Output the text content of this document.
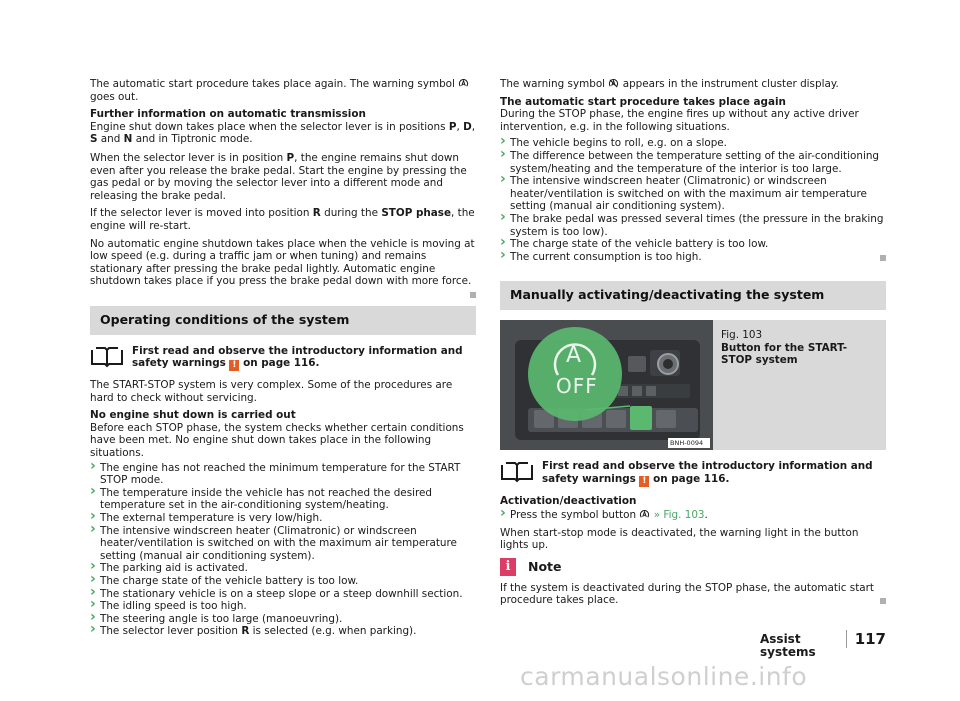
The automatic start procedure takes place again. The warning symbol  goes out.

Further information on automatic transmission
Engine shut down takes place when the selector lever is in positions P, D, S and N and in Tiptronic mode.

When the selector lever is in position P, the engine remains shut down even after you release the brake pedal. Start the engine by pressing the gas pedal or by moving the selector lever into a different mode and releasing the brake pedal.

If the selector lever is moved into position R during the STOP phase, the engine will re-start.

No automatic engine shutdown takes place when the vehicle is moving at low speed (e.g. during a traffic jam or when tuning) and remains stationary after pressing the brake pedal lightly. Automatic engine shutdown takes place if you press the brake pedal down with more force.

Operating conditions of the system
First read and observe the introductory information and safety warnings ! on page 116.

The START-STOP system is very complex. Some of the procedures are hard to check without servicing.

No engine shut down is carried out
Before each STOP phase, the system checks whether certain conditions have been met. No engine shut down takes place in the following situations.

› The engine has not reached the minimum temperature for the START STOP mode.
› The temperature inside the vehicle has not reached the desired temperature set in the air-conditioning system/heating.
› The external temperature is very low/high.
› The intensive windscreen heater (Climatronic) or windscreen heater/ventilation is switched on with the maximum air temperature setting (manual air conditioning system).
› The parking aid is activated.
› The charge state of the vehicle battery is too low.
› The stationary vehicle is on a steep slope or a steep downhill section.
› The idling speed is too high.
› The steering angle is too large (manoeuvring).
› The selector lever position R is selected (e.g. when parking).

The warning symbol appears in the instrument cluster display.

The automatic start procedure takes place again
During the STOP phase, the engine fires up without any active driver intervention, e.g. in the following situations.

› The vehicle begins to roll, e.g. on a slope.
› The difference between the temperature setting of the air-conditioning system/heating and the temperature of the interior is too large.
› The intensive windscreen heater (Climatronic) or windscreen heater/ventilation is switched on with the maximum air temperature setting (manual air conditioning system).
› The brake pedal was pressed several times (the pressure in the braking system is too low).
› The charge state of the vehicle battery is too low.
› The current consumption is too high.
Manually activating/deactivating the system
A
OFF
BNH-0094
Fig. 103
Button for the START-STOP system
First read and observe the introductory information and safety warnings ! on page 116.

Activation/deactivation

› Press the symbol button » Fig. 103.

When start-stop mode is deactivated, the warning light in the button lights up.

i	Note

If the system is deactivated during the STOP phase, the automatic start procedure takes place.

Assist systems
117
carmanualsonline.info
